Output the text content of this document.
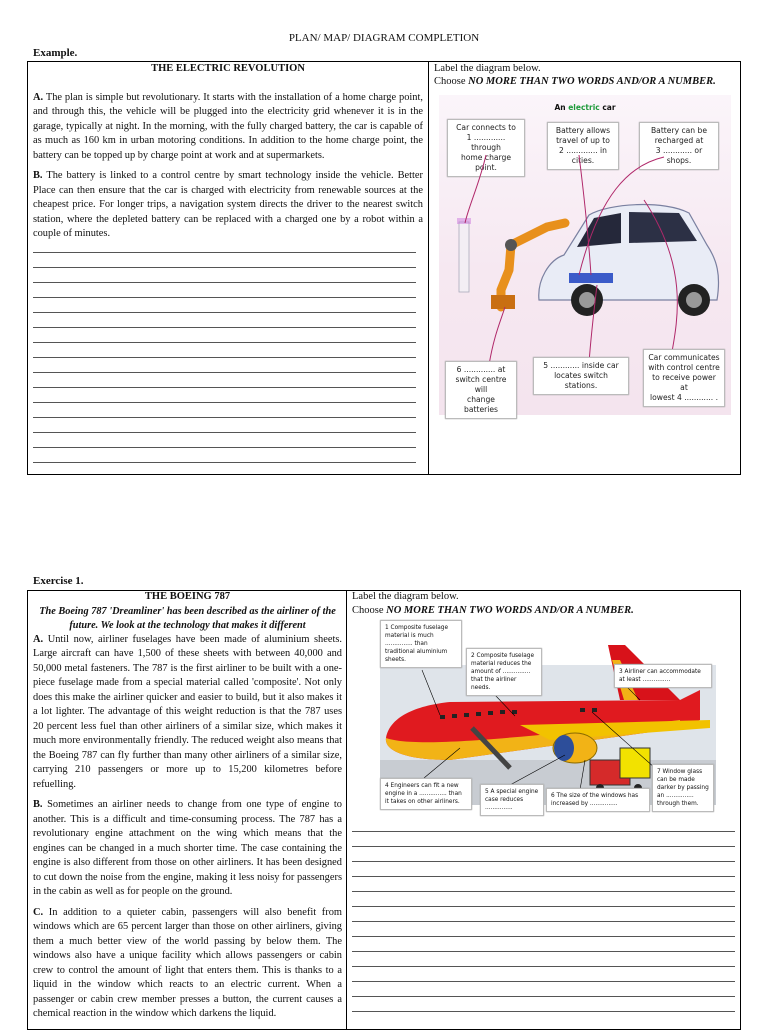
PLAN/ MAP/ DIAGRAM COMPLETION
Example.
THE ELECTRIC REVOLUTION

A. The plan is simple but revolutionary. It starts with the installation of a home charge point, and through this, the vehicle will be plugged into the electricity grid whenever it is in the garage, typically at night. In the morning, with the fully charged battery, the car is capable of as much as 160 km in urban motoring conditions. In addition to the home charge point, the battery can be topped up by charge point at work and at supermarkets.

B. The battery is linked to a control centre by smart technology inside the vehicle. Better Place can then ensure that the car is charged with electricity from renewable sources at the cheapest price. For longer trips, a navigation system directs the driver to the nearest switch station, where the depleted battery can be replaced with a charged one by a robot within a couple of minutes.

Label the diagram below.
Choose NO MORE THAN TWO WORDS AND/OR A NUMBER.
An electric car
Car connects to
1 ............. through
home charge point.
Battery allows
travel of up to
2 ............. in cities.
Battery can be
recharged at
3 ............ or shops.
6 ............. at
switch centre will
change batteries
5 ............ inside car
locates switch stations.
Car communicates
with control centre
to receive power at
lowest 4 ............ .
Exercise 1.
THE BOEING 787
The Boeing 787 'Dreamliner' has been described as the airliner of the future. We look at the technology that makes it different

A. Until now, airliner fuselages have been made of aluminium sheets. Large aircraft can have 1,500 of these sheets with between 40,000 and 50,000 metal fasteners. The 787 is the first airliner to be built with a one-piece fuselage made from a special material called 'composite'. Not only does this make the airliner quicker and easier to build, but it also makes it a lot lighter. The advantage of this weight reduction is that the 787 uses 20 percent less fuel than other airliners of a similar size, which makes it much more environmentally friendly. The reduced weight also means that the Boeing 787 can fly further than many other airliners of a similar size, carrying 210 passengers or more up to 15,200 kilometres before refuelling.

B. Sometimes an airliner needs to change from one type of engine to another. This is a difficult and time-consuming process. The 787 has a revolutionary engine attachment on the wing which means that the engines can be changed in a much shorter time. The case containing the engine is also different from those on other airliners. It has been designed to cut down the noise from the engine, making it less noisy for passengers in the cabin as well as for people on the ground.

C. In addition to a quieter cabin, passengers will also benefit from windows which are 65 percent larger than those on other airliners, giving them a much better view of the world passing by below them. The windows also have a unique facility which allows passengers or cabin crew to control the amount of light that enters them. This is thanks to a liquid in the window which reacts to an electric current. When a passenger or cabin crew member presses a button, the current causes a chemical reaction in the window which darkens the liquid.

Label the diagram below.
Choose NO MORE THAN TWO WORDS AND/OR A NUMBER.
1 Composite fuselage material is much ............... than traditional aluminium sheets.
2 Composite fuselage material reduces the amount of ............... that the airliner needs.
3 Airliner can accommodate at least ...............
4 Engineers can fit a new engine in a ............... than it takes on other airliners.
5 A special engine case reduces ...............
6 The size of the windows has increased by ...............
7 Window glass can be made darker by passing an ............... through them.
